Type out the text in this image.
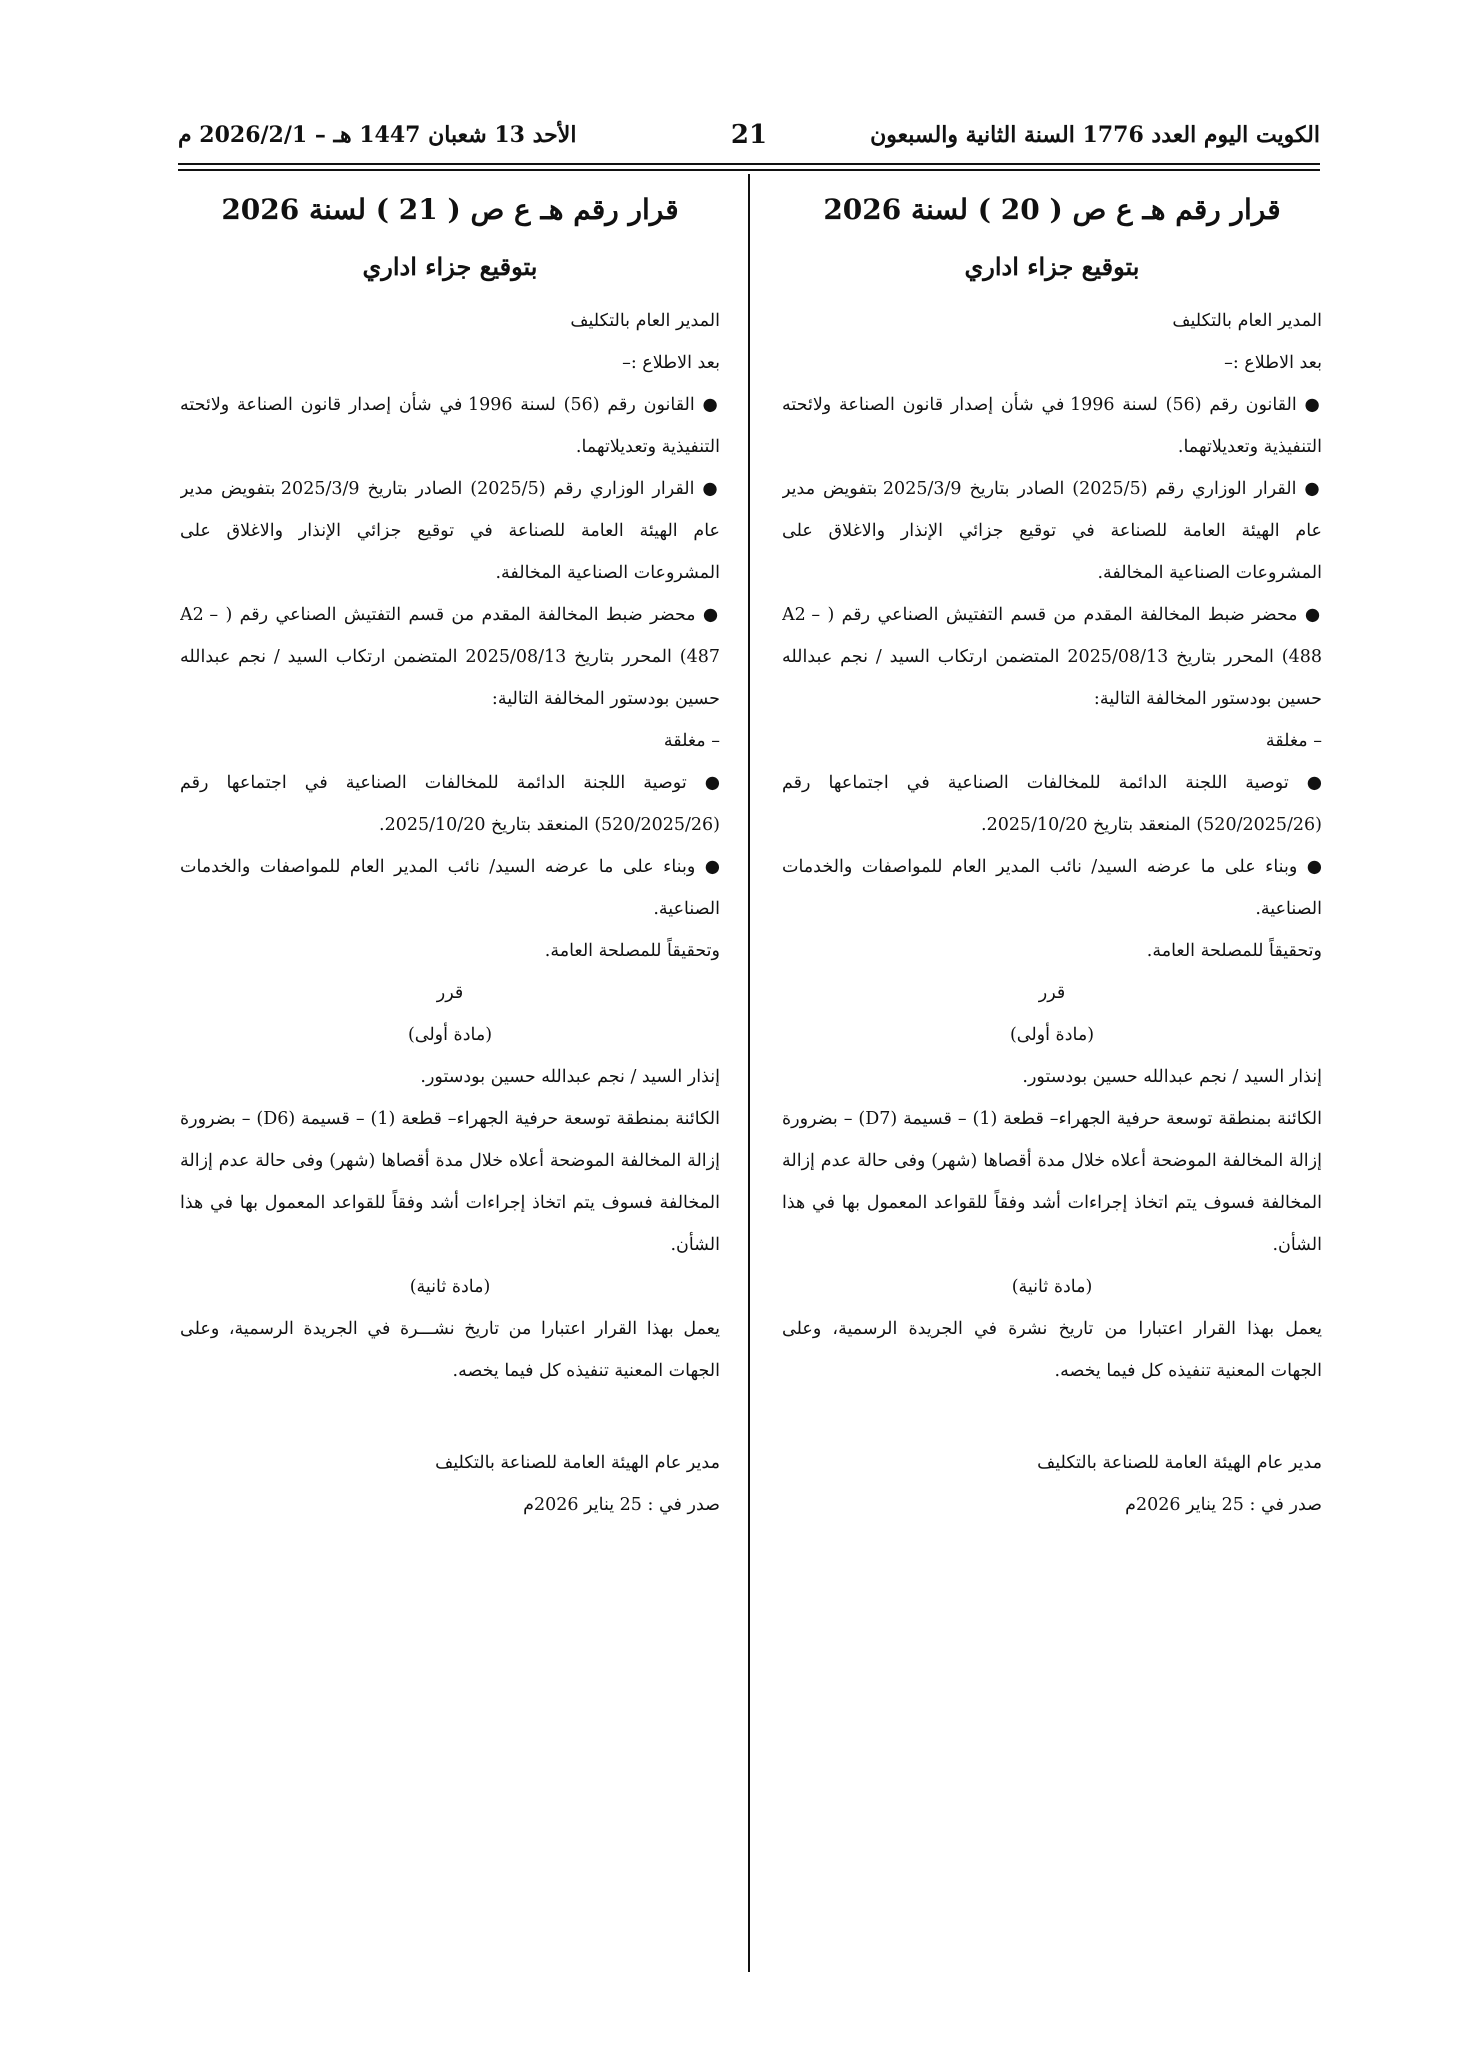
الكويت اليوم العدد 1776 السنة الثانية والسبعون
21
الأحد 13 شعبان 1447 هـ – 2026/2/1 م

قرار رقم هـ ع ص ( 20 ) لسنة 2026

بتوقيع جزاء اداري

المدير العام بالتكليف

بعد الاطلاع :–

● القانون رقم (56) لسنة 1996 في شأن إصدار قانون الصناعة ولائحته التنفيذية وتعديلاتهما.

● القرار الوزاري رقم (2025/5) الصادر بتاريخ 2025/3/9 بتفويض مدير عام الهيئة العامة للصناعة في توقيع جزائي الإنذار والاغلاق على المشروعات الصناعية المخالفة.

● محضر ضبط المخالفة المقدم من قسم التفتيش الصناعي رقم ( A2 –488) المحرر بتاريخ 2025/08/13 المتضمن ارتكاب السيد / نجم عبدالله حسين بودستور المخالفة التالية:

– مغلقة

● توصية اللجنة الدائمة للمخالفات الصناعية في اجتماعها رقم (520/2025/26) المنعقد بتاريخ 2025/10/20.

● وبناء على ما عرضه السيد/ نائب المدير العام للمواصفات والخدمات الصناعية.

وتحقيقاً للمصلحة العامة.

قرر

(مادة أولى)

إنذار السيد / نجم عبدالله حسين بودستور.

الكائنة بمنطقة توسعة حرفية الجهراء– قطعة (1) – قسيمة (D7) – بضرورة إزالة المخالفة الموضحة أعلاه خلال مدة أقصاها (شهر) وفى حالة عدم إزالة المخالفة فسوف يتم اتخاذ إجراءات أشد وفقاً للقواعد المعمول بها في هذا الشأن.

(مادة ثانية)

يعمل بهذا القرار اعتبارا من تاريخ نشرة في الجريدة الرسمية، وعلى الجهات المعنية تنفيذه كل فيما يخصه.

مدير عام الهيئة العامة للصناعة بالتكليف

صدر في : 25 يناير 2026م

قرار رقم هـ ع ص ( 21 ) لسنة 2026

بتوقيع جزاء اداري

المدير العام بالتكليف

بعد الاطلاع :–

● القانون رقم (56) لسنة 1996 في شأن إصدار قانون الصناعة ولائحته التنفيذية وتعديلاتهما.

● القرار الوزاري رقم (2025/5) الصادر بتاريخ 2025/3/9 بتفويض مدير عام الهيئة العامة للصناعة في توقيع جزائي الإنذار والاغلاق على المشروعات الصناعية المخالفة.

● محضر ضبط المخالفة المقدم من قسم التفتيش الصناعي رقم ( A2 –487) المحرر بتاريخ 2025/08/13 المتضمن ارتكاب السيد / نجم عبدالله حسين بودستور المخالفة التالية:

– مغلقة

● توصية اللجنة الدائمة للمخالفات الصناعية في اجتماعها رقم (520/2025/26) المنعقد بتاريخ 2025/10/20.

● وبناء على ما عرضه السيد/ نائب المدير العام للمواصفات والخدمات الصناعية.

وتحقيقاً للمصلحة العامة.

قرر

(مادة أولى)

إنذار السيد / نجم عبدالله حسين بودستور.

الكائنة بمنطقة توسعة حرفية الجهراء– قطعة (1) – قسيمة (D6) – بضرورة إزالة المخالفة الموضحة أعلاه خلال مدة أقصاها (شهر) وفى حالة عدم إزالة المخالفة فسوف يتم اتخاذ إجراءات أشد وفقاً للقواعد المعمول بها في هذا الشأن.

(مادة ثانية)

يعمل بهذا القرار اعتبارا من تاريخ نشـــرة في الجريدة الرسمية، وعلى الجهات المعنية تنفيذه كل فيما يخصه.

مدير عام الهيئة العامة للصناعة بالتكليف

صدر في : 25 يناير 2026م
